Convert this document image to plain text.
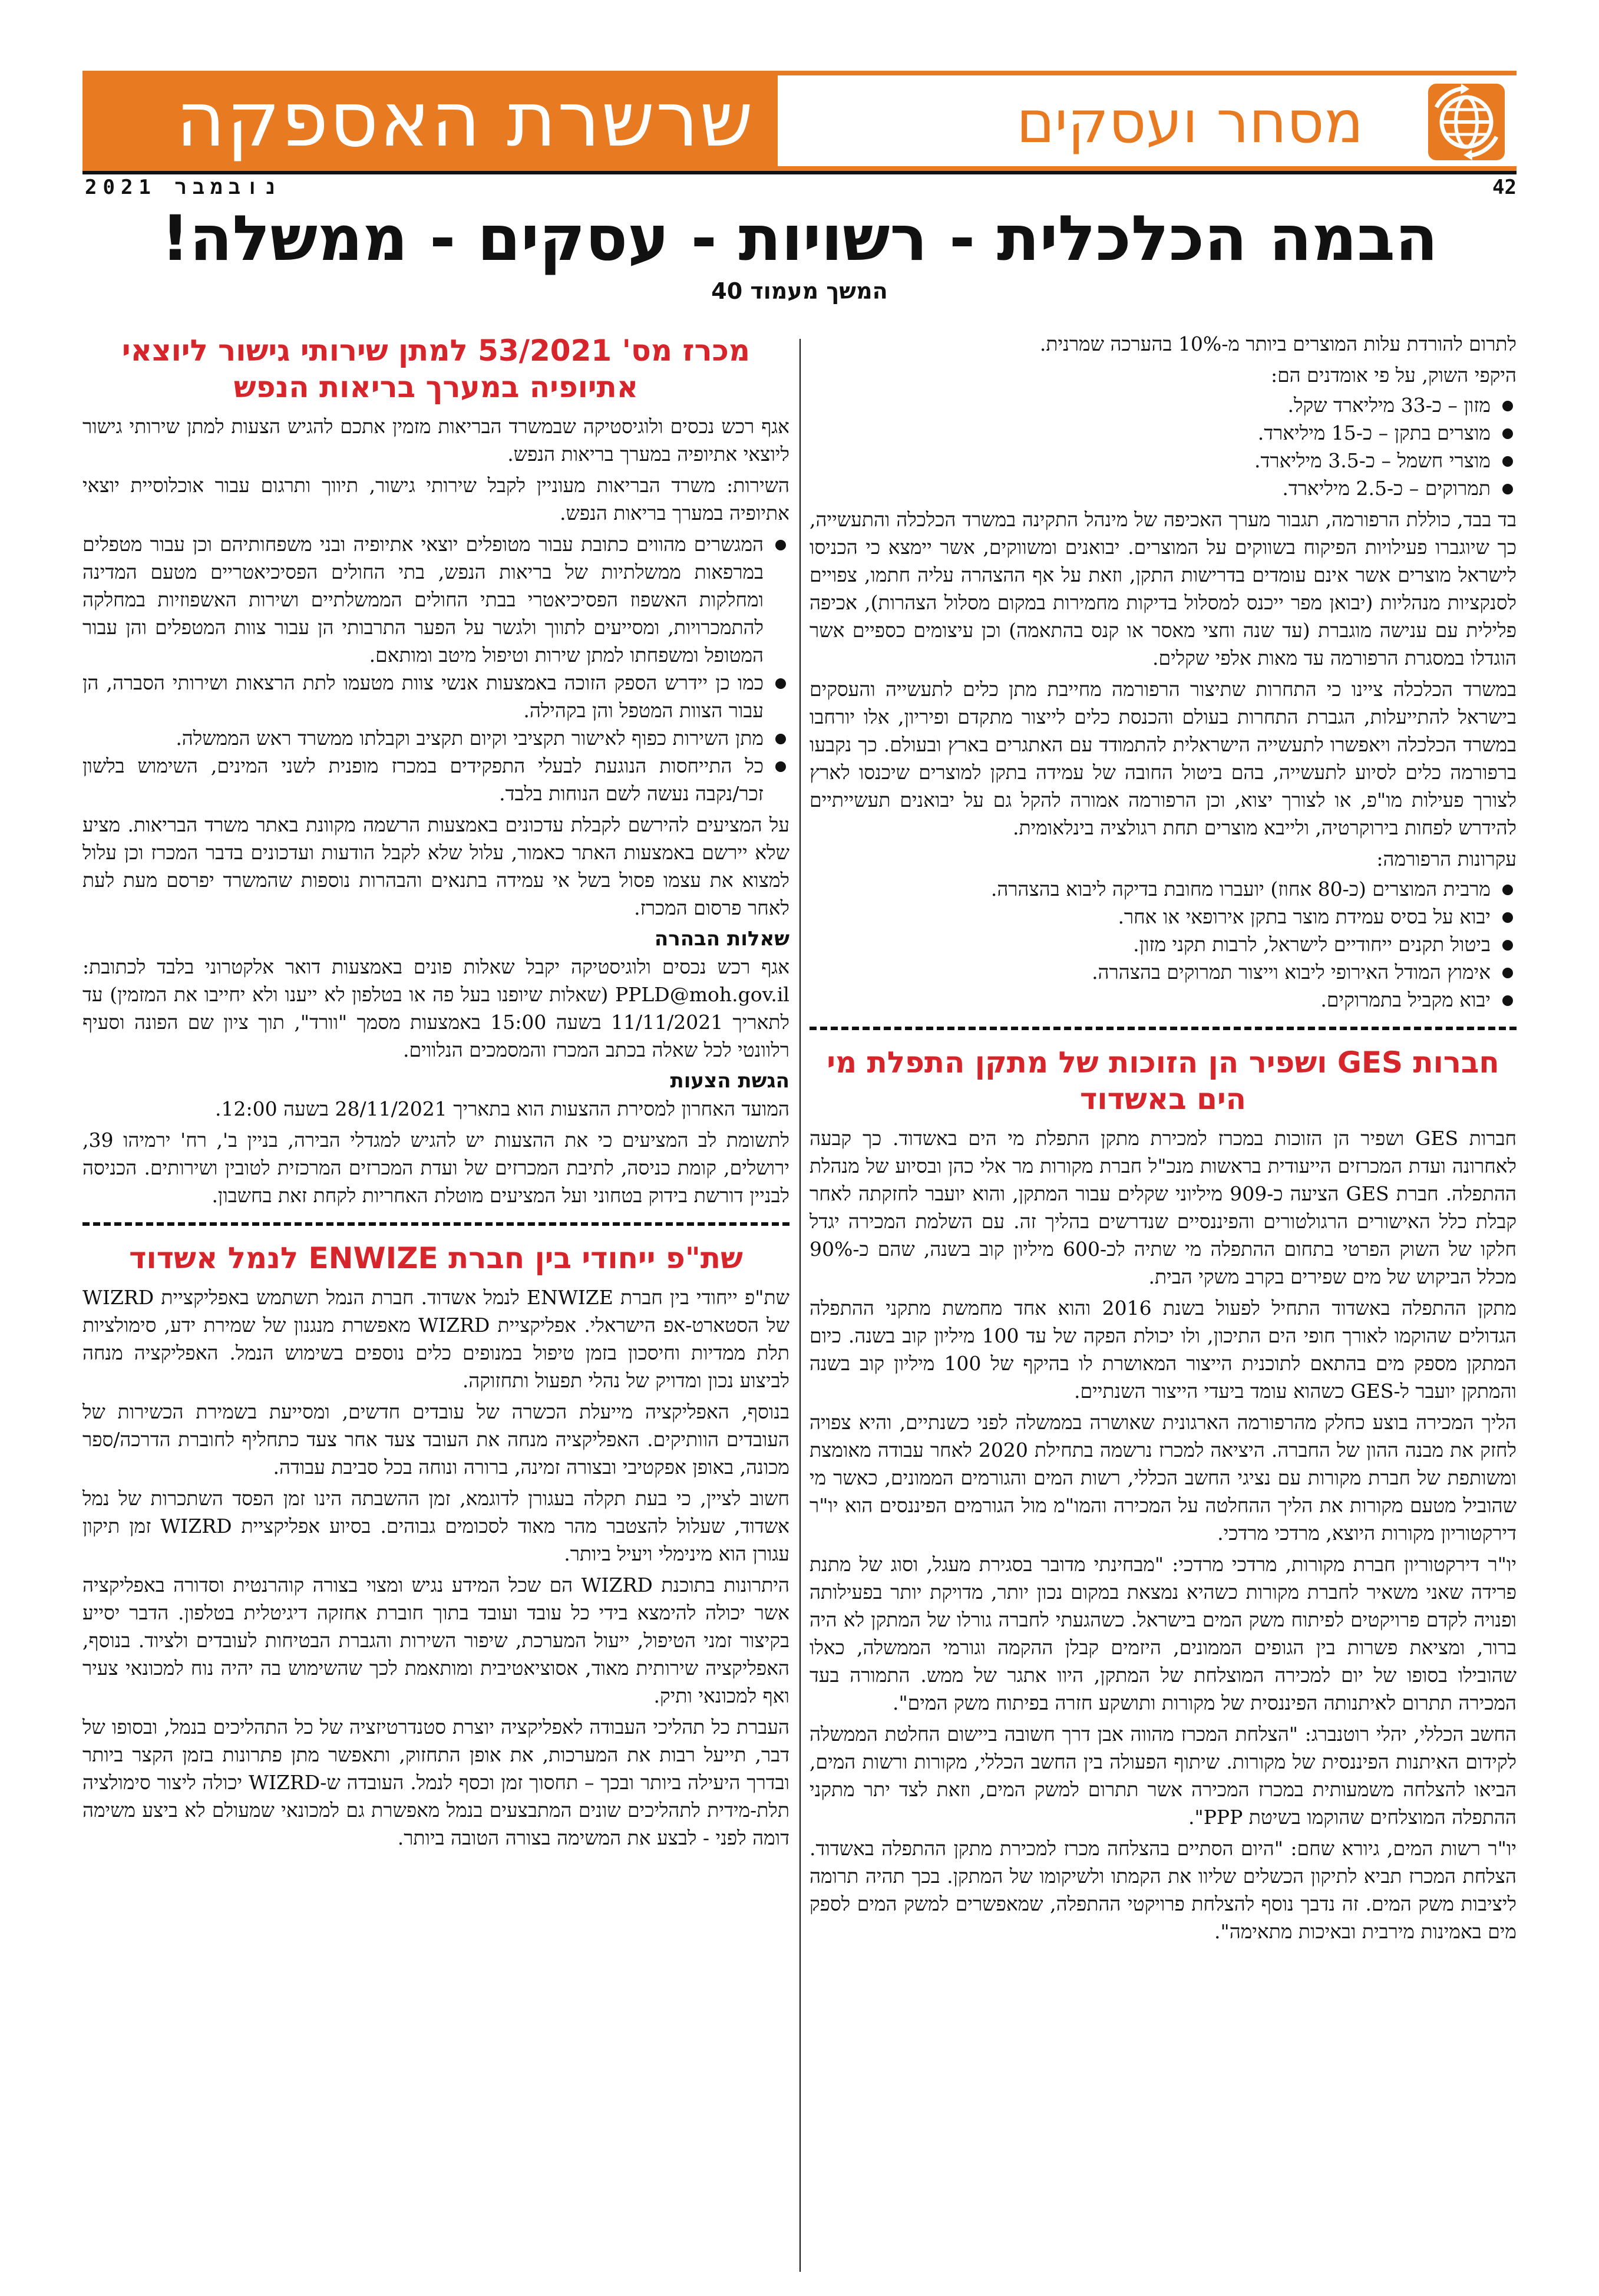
שרשרת האספקה	מסחר ועסקים
42
נובמבר 2021
הבמה הכלכלית - רשויות - עסקים - ממשלה!
המשך מעמוד 40

לתרום להורדת עלות המוצרים ביותר מ-10% בהערכה שמרנית.

היקפי השוק, על פי אומדנים הם:

מזון – כ-33 מיליארד שקל.
מוצרים בתקן – כ-15 מיליארד.
מוצרי חשמל – כ-3.5 מיליארד.
תמרוקים – כ-2.5 מיליארד.

בד בבד, כוללת הרפורמה, תגבור מערך האכיפה של מינהל התקינה במשרד הכלכלה והתעשייה, כך שיוגברו פעילויות הפיקוח בשווקים על המוצרים. יבואנים ומשווקים, אשר יימצא כי הכניסו לישראל מוצרים אשר אינם עומדים בדרישות התקן, וזאת על אף ההצהרה עליה חתמו, צפויים לסנקציות מנהליות (יבואן מפר ייכנס למסלול בדיקות מחמירות במקום מסלול הצהרות), אכיפה פלילית עם ענישה מוגברת (עד שנה וחצי מאסר או קנס בהתאמה) וכן עיצומים כספיים אשר הוגדלו במסגרת הרפורמה עד מאות אלפי שקלים.

במשרד הכלכלה ציינו כי התחרות שתיצור הרפורמה מחייבת מתן כלים לתעשייה והעסקים בישראל להתייעלות, הגברת התחרות בעולם והכנסת כלים לייצור מתקדם ופיריון, אלו יורחבו במשרד הכלכלה ויאפשרו לתעשייה הישראלית להתמודד עם האתגרים בארץ ובעולם. כך נקבעו ברפורמה כלים לסיוע לתעשייה, בהם ביטול החובה של עמידה בתקן למוצרים שיכנסו לארץ לצורך פעילות מו"פ, או לצורך יצוא, וכן הרפורמה אמורה להקל גם על יבואנים תעשייתיים להידרש לפחות בירוקרטיה, ולייבא מוצרים תחת רגולציה בינלאומית.

עקרונות הרפורמה:

מרבית המוצרים (כ-80 אחוז) יועברו מחובת בדיקה ליבוא בהצהרה.
יבוא על בסיס עמידת מוצר בתקן אירופאי או אחר.
ביטול תקנים ייחודיים לישראל, לרבות תקני מזון.
אימוץ המודל האירופי ליבוא וייצור תמרוקים בהצהרה.
יבוא מקביל בתמרוקים.
חברות GES ושפיר הן הזוכות של מתקן התפלת מי הים באשדוד

חברות GES ושפיר הן הזוכות במכרז למכירת מתקן התפלת מי הים באשדוד. כך קבעה לאחרונה ועדת המכרזים הייעודית בראשות מנכ"ל חברת מקורות מר אלי כהן ובסיוע של מנהלת ההתפלה. חברת GES הציעה כ-909 מיליוני שקלים עבור המתקן, והוא יועבר לחזקתה לאחר קבלת כלל האישורים הרגולטורים והפיננסיים שנדרשים בהליך זה. עם השלמת המכירה יגדל חלקו של השוק הפרטי בתחום ההתפלה מי שתיה לכ-600 מיליון קוב בשנה, שהם כ-90% מכלל הביקוש של מים שפירים בקרב משקי הבית.

מתקן ההתפלה באשדוד התחיל לפעול בשנת 2016 והוא אחד מחמשת מתקני ההתפלה הגדולים שהוקמו לאורך חופי הים התיכון, ולו יכולת הפקה של עד 100 מיליון קוב בשנה. כיום המתקן מספק מים בהתאם לתוכנית הייצור המאושרת לו בהיקף של 100 מיליון קוב בשנה והמתקן יועבר ל-GES כשהוא עומד ביעדי הייצור השנתיים.

הליך המכירה בוצע כחלק מהרפורמה הארגונית שאושרה בממשלה לפני כשנתיים, והיא צפויה לחזק את מבנה ההון של החברה. היציאה למכרז נרשמה בתחילת 2020 לאחר עבודה מאומצת ומשותפת של חברת מקורות עם נציגי החשב הכללי, רשות המים והגורמים הממונים, כאשר מי שהוביל מטעם מקורות את הליך ההחלטה על המכירה והמו"מ מול הגורמים הפיננסים הוא יו"ר דירקטוריון מקורות היוצא, מרדכי מרדכי.

יו"ר דירקטוריון חברת מקורות, מרדכי מרדכי: "מבחינתי מדובר בסגירת מעגל, וסוג של מתנת פרידה שאני משאיר לחברת מקורות כשהיא נמצאת במקום נכון יותר, מדויקת יותר בפעילותה ופנויה לקדם פרויקטים לפיתוח משק המים בישראל. כשהגעתי לחברה גורלו של המתקן לא היה ברור, ומציאת פשרות בין הגופים הממונים, היזמים קבלן ההקמה וגורמי הממשלה, כאלו שהובילו בסופו של יום למכירה המוצלחת של המתקן, היוו אתגר של ממש. התמורה בעד המכירה תתרום לאיתנותה הפיננסית של מקורות ותושקע חזרה בפיתוח משק המים".

החשב הכללי, יהלי רוטנברג: "הצלחת המכרז מהווה אבן דרך חשובה ביישום החלטת הממשלה לקידום האיתנות הפיננסית של מקורות. שיתוף הפעולה בין החשב הכללי, מקורות ורשות המים, הביאו להצלחה משמעותית במכרז המכירה אשר תתרום למשק המים, וזאת לצד יתר מתקני ההתפלה המוצלחים שהוקמו בשיטת PPP".

יו"ר רשות המים, גיורא שחם: "היום הסתיים בהצלחה מכרז למכירת מתקן ההתפלה באשדוד. הצלחת המכרז תביא לתיקון הכשלים שליוו את הקמתו ולשיקומו של המתקן. בכך תהיה תרומה ליציבות משק המים. זה נדבך נוסף להצלחת פרויקטי ההתפלה, שמאפשרים למשק המים לספק מים באמינות מירבית ובאיכות מתאימה".

מכרז מס' 53/2021 למתן שירותי גישור ליוצאי אתיופיה במערך בריאות הנפש

אגף רכש נכסים ולוגיסטיקה שבמשרד הבריאות מזמין אתכם להגיש הצעות למתן שירותי גישור ליוצאי אתיופיה במערך בריאות הנפש.

השירות: משרד הבריאות מעוניין לקבל שירותי גישור, תיווך ותרגום עבור אוכלוסיית יוצאי אתיופיה במערך בריאות הנפש.

המגשרים מהווים כתובת עבור מטופלים יוצאי אתיופיה ובני משפחותיהם וכן עבור מטפלים במרפאות ממשלתיות של בריאות הנפש, בתי החולים הפסיכיאטריים מטעם המדינה ומחלקות האשפוז הפסיכיאטרי בבתי החולים הממשלתיים ושירות האשפוזיות במחלקה להתמכרויות, ומסייעים לתווך ולגשר על הפער התרבותי הן עבור צוות המטפלים והן עבור המטופל ומשפחתו למתן שירות וטיפול מיטב ומותאם.
כמו כן יידרש הספק הזוכה באמצעות אנשי צוות מטעמו לתת הרצאות ושירותי הסברה, הן עבור הצוות המטפל והן בקהילה.
מתן השירות כפוף לאישור תקציבי וקיום תקציב וקבלתו ממשרד ראש הממשלה.
כל התייחסות הנוגעת לבעלי התפקידים במכרז מופנית לשני המינים, השימוש בלשון זכר/נקבה נעשה לשם הנוחות בלבד.

על המציעים להירשם לקבלת עדכונים באמצעות הרשמה מקוונת באתר משרד הבריאות. מציע שלא יירשם באמצעות האתר כאמור, עלול שלא לקבל הודעות ועדכונים בדבר המכרז וכן עלול למצוא את עצמו פסול בשל אי עמידה בתנאים והבהרות נוספות שהמשרד יפרסם מעת לעת לאחר פרסום המכרז.

שאלות הבהרה

אגף רכש נכסים ולוגיסטיקה יקבל שאלות פונים באמצעות דואר אלקטרוני בלבד לכתובת: PPLD@moh.gov.il (שאלות שיופנו בעל פה או בטלפון לא ייענו ולא יחייבו את המזמין) עד לתאריך 11/11/2021 בשעה 15:00 באמצעות מסמך "וורד", תוך ציון שם הפונה וסעיף רלוונטי לכל שאלה בכתב המכרז והמסמכים הנלווים.

הגשת הצעות

המועד האחרון למסירת ההצעות הוא בתאריך 28/11/2021 בשעה 12:00.

לתשומת לב המציעים כי את ההצעות יש להגיש למגדלי הבירה, בניין ב', רח' ירמיהו 39, ירושלים, קומת כניסה, לתיבת המכרזים של ועדת המכרזים המרכזית לטובין ושירותים. הכניסה לבניין דורשת בידוק בטחוני ועל המציעים מוטלת האחריות לקחת זאת בחשבון.

שת"פ ייחודי בין חברת ENWIZE לנמל אשדוד

שת"פ ייחודי בין חברת ENWIZE לנמל אשדוד. חברת הנמל תשתמש באפליקציית WIZRD של הסטארט-אפ הישראלי. אפליקציית WIZRD מאפשרת מנגנון של שמירת ידע, סימולציות תלת ממדיות וחיסכון בזמן טיפול במנופים כלים נוספים בשימוש הנמל. האפליקציה מנחה לביצוע נכון ומדויק של נהלי תפעול ותחזוקה.

בנוסף, האפליקציה מייעלת הכשרה של עובדים חדשים, ומסייעת בשמירת הכשירות של העובדים הוותיקים. האפליקציה מנחה את העובד צעד אחר צעד כתחליף לחוברת הדרכה/ספר מכונה, באופן אפקטיבי ובצורה זמינה, ברורה ונוחה בכל סביבת עבודה.

חשוב לציין, כי בעת תקלה בעגורן לדוגמא, זמן ההשבתה הינו זמן הפסד השתכרות של נמל אשדוד, שעלול להצטבר מהר מאוד לסכומים גבוהים. בסיוע אפליקציית WIZRD זמן תיקון עגורן הוא מינימלי ויעיל ביותר.

היתרונות בתוכנת WIZRD הם שכל המידע נגיש ומצוי בצורה קוהרנטית וסדורה באפליקציה אשר יכולה להימצא בידי כל עובד ועובד בתוך חוברת אחזקה דיגיטלית בטלפון. הדבר יסייע בקיצור זמני הטיפול, ייעול המערכת, שיפור השירות והגברת הבטיחות לעובדים ולציוד. בנוסף, האפליקציה שירותית מאוד, אסוציאטיבית ומותאמת לכך שהשימוש בה יהיה נוח למכונאי צעיר ואף למכונאי ותיק.

העברת כל תהליכי העבודה לאפליקציה יוצרת סטנדרטיזציה של כל התהליכים בנמל, ובסופו של דבר, תייעל רבות את המערכות, את אופן התחזוק, ותאפשר מתן פתרונות בזמן הקצר ביותר ובדרך היעילה ביותר ובכך – תחסוך זמן וכסף לנמל. העובדה ש-WIZRD יכולה ליצור סימולציה תלת-מידית לתהליכים שונים המתבצעים בנמל מאפשרת גם למכונאי שמעולם לא ביצע משימה דומה לפני - לבצע את המשימה בצורה הטובה ביותר.
